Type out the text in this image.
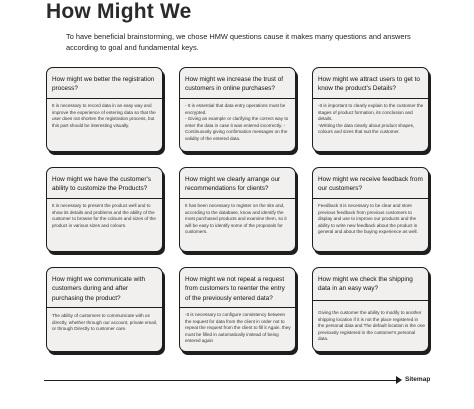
How Might We
To have beneficial brainstorming, we chose HMW questions cause it makes many questions and answers according to goal and fundamental keys.
How might we better the registration process?
It is necessary to record data in an easy way and improve the experience of entering data so that the user does not shorten the registration process, but this part should be interesting visually.
How might we increase the trust of customers in online purchases?
- It is essential that data entry operations must be encrypted.
- Giving an example or clarifying the correct way to enter the data in case it was entered incorrectly. - Continuously giving confirmation messages on the validity of the entered data.
How might we attract users to get to know the product's Details?
-It is important to clearly explain to the customer the stages of product formation, its conclusion and details.
-Writting the data clearly about product shapes, colours and sizes that suit the customer.
How might we have the customer's ability to customize the Products?
It is necessary to present the product well and to show its details and problems and the ability of the customer to browse for the colours and sizes of the product in various sizes and colours.
How might we clearly arrange our recommendations for clients?
It has been necessary to register on the site and, according to the database, know and identify the most purchased products and examine them, so it will be easy to identify some of the proposals for customers.
How might we receive feedback from our customers?
Feedback It is necessary to be clear and store previous feedback from previous customers to display and use to improve our products and the ability to write new feedback about the product in general and about the buying experience as well.
How might we communicate with customers during and after purchasing the product?
The ability of customers to communicate with us directly, whether through our account, private email, or through Directly to customer care.
How might we not repeat a request from customers to reenter the entry of the previously entered data?
-It is necessary to configure consistency between the request for data from the client in order not to repeat the request from the client to fill it Again. they must be filled in automatically instead of being entered again
How might we check the shipping data in an easy way?
Giving the customer the ability to modify to another shipping location if it is not the place registered in the personal data and The default location is the one previously registered in the customer's personal data.
Sitemap
